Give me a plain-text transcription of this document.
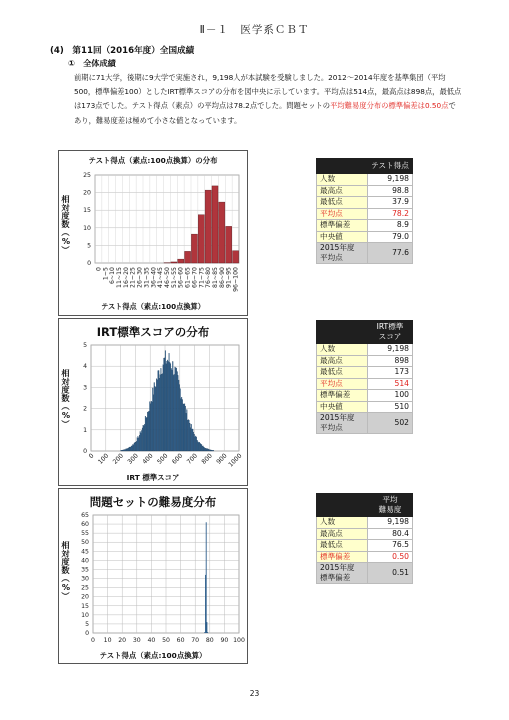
Ⅱ－１　医学系ＣＢＴ
(4)　第11回（2016年度）全国成績
①　全体成績
前期に71大学，後期に9大学で実施され，9,198人が本試験を受験しました。2012～2014年度を基準集団（平均500，標準偏差100）としたIRT標準スコアの分布を図中央に示しています。平均点は514点，最高点は898点，最低点は173点でした。テスト得点（素点）の平均点は78.2点でした。問題セットの平均難易度分布の標準偏差は0.50点であり，難易度差は極めて小さな値となっています。
テスト得点（素点:100点換算）の分布
相対度数（%）
0
5
10
15
20
25
0 1~5 6~10 11~15 16~20 21~25 26~30 31~35 36~40 41~45 46~50 51~55 56~60 61~65 66~70 71~75 76~80 81~85 86~90 91~95 96~100
テスト得点（素点:100点換算）
IRT標準スコアの分布
相対度数（%）
0
1
2
3
4
5
0 100 200 300 400 500 600 700 800 900
1000
IRT 標準スコア
問題セットの難易度分布
相対度数（%）
0
5
10
15
20
25
30
35
40
45
50
55
60
65
0 10 20 30 40 50 60 70 80 90 100
テスト得点（素点:100点換算）
	テスト得点
人数	9,198
最高点	98.8
最低点	37.9
平均点	78.2
標準偏差	8.9
中央値	79.0
2015年度
平均点	77.6
	IRT標準
スコア
人数	9,198
最高点	898
最低点	173
平均点	514
標準偏差	100
中央値	510
2015年度
平均点	502
	平均
難易度
人数	9,198
最高点	80.4
最低点	76.5
標準偏差	0.50
2015年度
標準偏差	0.51
23
